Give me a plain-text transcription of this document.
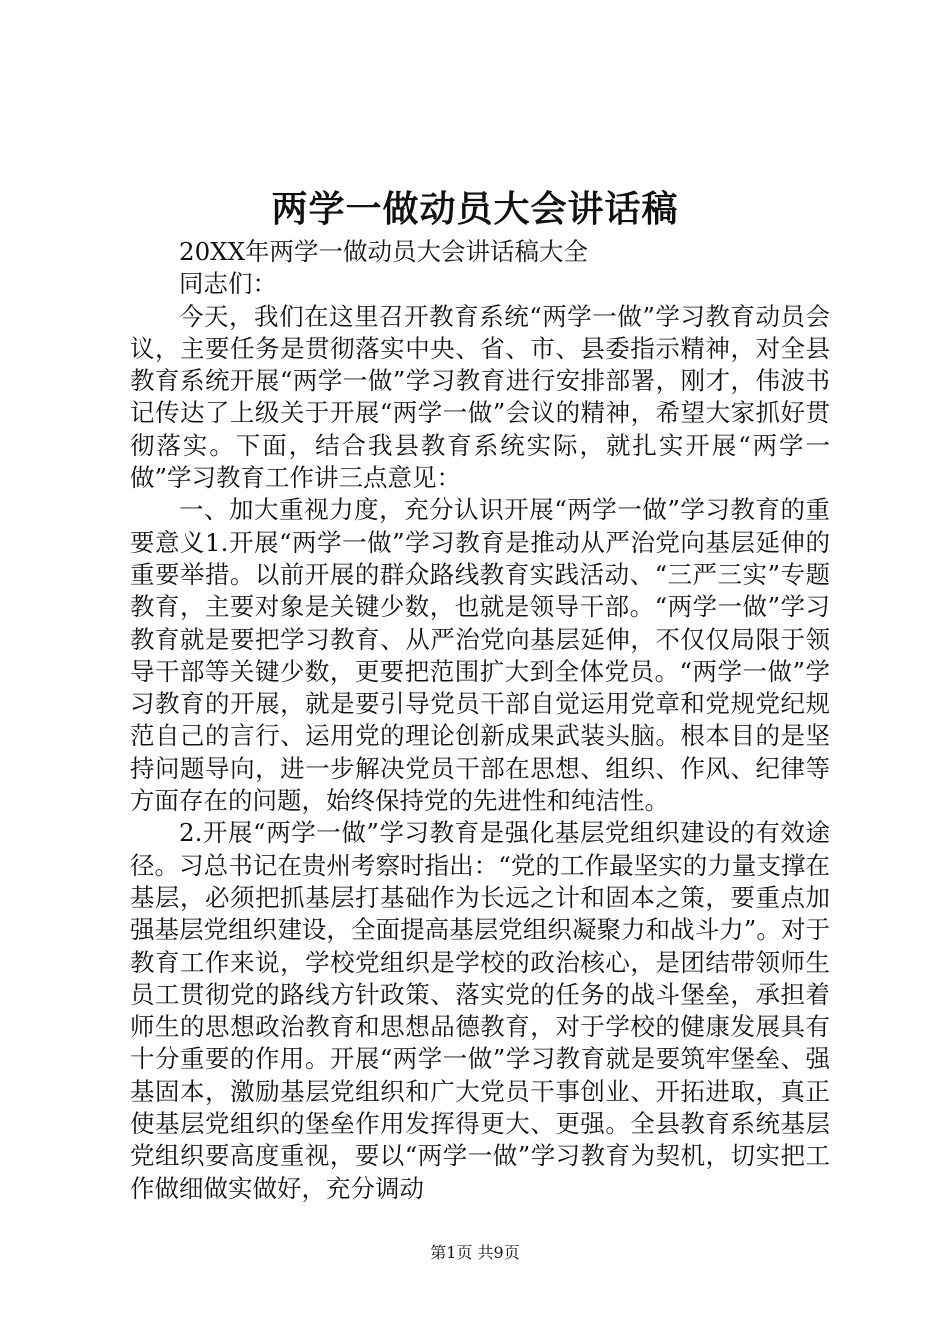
两学一做动员大会讲话稿

20XX年两学一做动员大会讲话稿大全

同志们：

今天，我们在这里召开教育系统“两学一做”学习教育动员会议，主要任务是贯彻落实中央、省、市、县委指示精神，对全县教育系统开展“两学一做”学习教育进行安排部署，刚才，伟波书记传达了上级关于开展“两学一做”会议的精神，希望大家抓好贯彻落实。下面，结合我县教育系统实际，就扎实开展“两学一做”学习教育工作讲三点意见：

一、加大重视力度，充分认识开展“两学一做”学习教育的重要意义1.开展“两学一做”学习教育是推动从严治党向基层延伸的重要举措。以前开展的群众路线教育实践活动、“三严三实”专题教育，主要对象是关键少数，也就是领导干部。“两学一做”学习教育就是要把学习教育、从严治党向基层延伸，不仅仅局限于领导干部等关键少数，更要把范围扩大到全体党员。“两学一做”学习教育的开展，就是要引导党员干部自觉运用党章和党规党纪规范自己的言行、运用党的理论创新成果武装头脑。根本目的是坚持问题导向，进一步解决党员干部在思想、组织、作风、纪律等方面存在的问题，始终保持党的先进性和纯洁性。

2.开展“两学一做”学习教育是强化基层党组织建设的有效途径。习总书记在贵州考察时指出：“党的工作最坚实的力量支撑在基层，必须把抓基层打基础作为长远之计和固本之策，要重点加强基层党组织建设，全面提高基层党组织凝聚力和战斗力”。对于教育工作来说，学校党组织是学校的政治核心，是团结带领师生员工贯彻党的路线方针政策、落实党的任务的战斗堡垒，承担着师生的思想政治教育和思想品德教育，对于学校的健康发展具有十分重要的作用。开展“两学一做”学习教育就是要筑牢堡垒、强基固本，激励基层党组织和广大党员干事创业、开拓进取，真正使基层党组织的堡垒作用发挥得更大、更强。全县教育系统基层党组织要高度重视，要以“两学一做”学习教育为契机，切实把工作做细做实做好，充分调动

第1页 共9页
